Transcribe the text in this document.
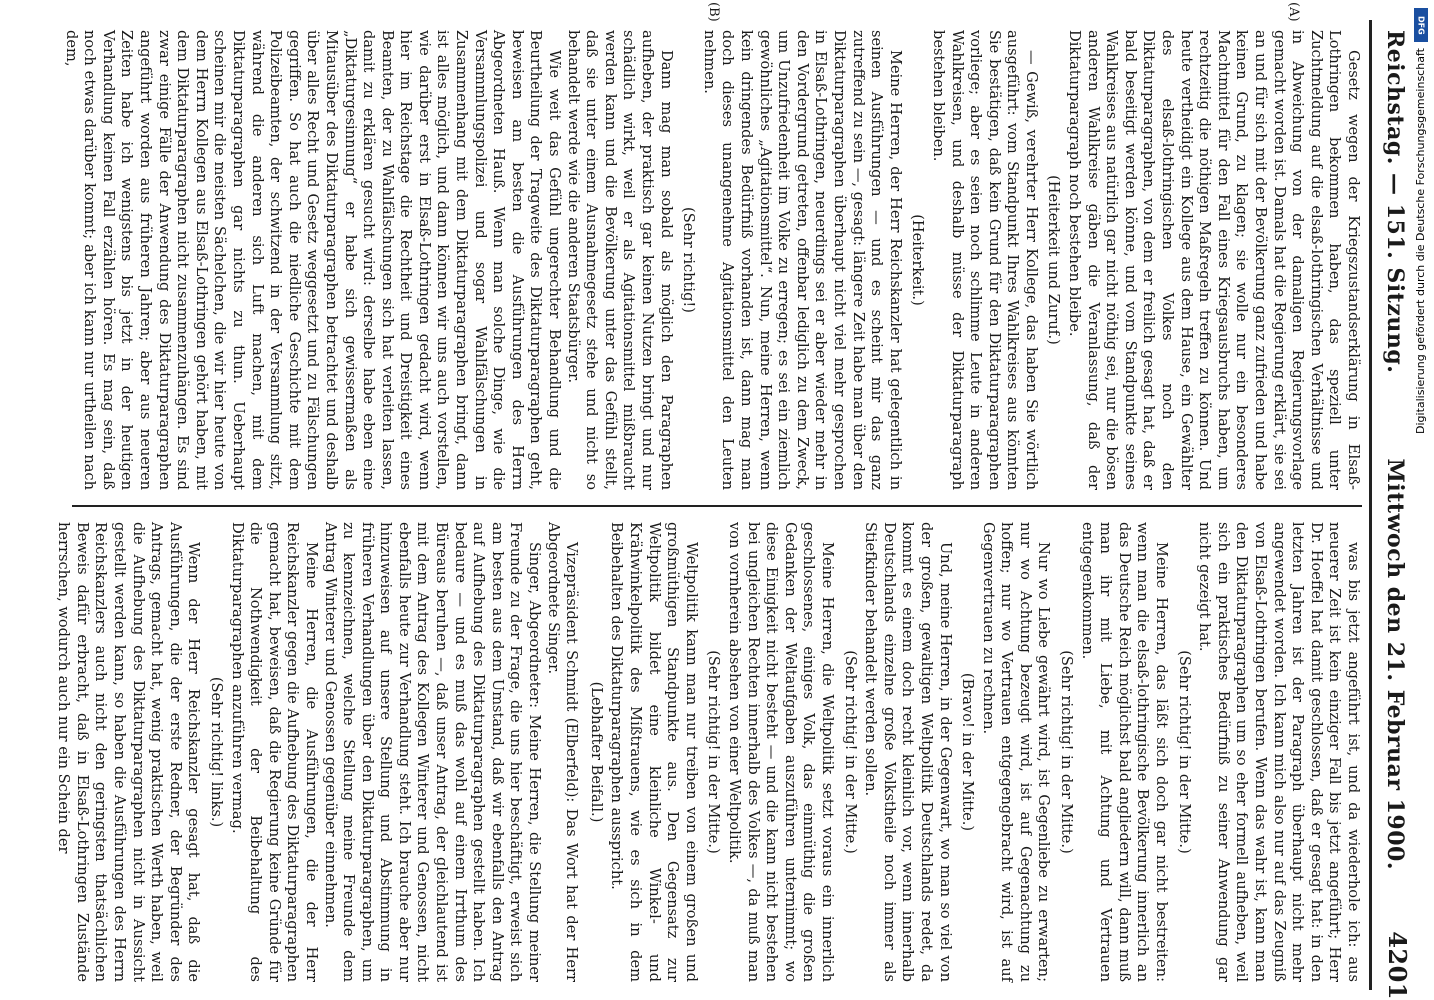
Reichstag. — 151. Sitzung.
Mittwoch den 21. Februar 1900.
4201
(A)
(B)

Gesetz wegen der Kriegszustandserklärung in Elsaß-Lothringen bekommen haben, das speziell unter Zuchtmeldung auf die elsaß-lothringischen Verhältnisse und in Abweichung von der damaligen Regierungsvorlage gemacht worden ist. Damals hat die Regierung erklärt, sie sei an und für sich mit der Bevölkerung ganz zufrieden und habe keinen Grund, zu klagen; sie wolle nur ein besonderes Machtmittel für den Fall eines Kriegsausbruchs haben, um rechtzeitig die nöthigen Maßregeln treffen zu können. Und heute vertheidigt ein Kollege aus dem Hause, ein Gewählter des elsaß-lothringischen Volkes noch den Diktaturparagraphen, von dem er freilich gesagt hat, daß er bald beseitigt werden könne, und vom Standpunkte seines Wahlkreises aus natürlich gar nicht nöthig sei, nur die bösen anderen Wahlkreise gäben die Veranlassung, daß der Diktaturparagraph noch bestehen bleibe.

(Heiterkeit und Zuruf.)

— Gewiß, verehrter Herr Kollege, das haben Sie wörtlich ausgeführt: vom Standpunkt Ihres Wahlkreises aus könnten Sie bestätigen, daß kein Grund für den Diktaturparagraphen vorliege; aber es seien noch schlimme Leute in anderen Wahlkreisen, und deshalb müsse der Diktaturparagraph bestehen bleiben.

(Heiterkeit.)

Meine Herren, der Herr Reichskanzler hat gelegentlich in seinen Ausführungen — und es scheint mir das ganz zutreffend zu sein —, gesagt: längere Zeit habe man über den Diktaturparagraphen überhaupt nicht viel mehr gesprochen in Elsaß-Lothringen, neuerdings sei er aber wieder mehr in den Vordergrund getreten, offenbar lediglich zu dem Zweck, um Unzufriedenheit im Volke zu erregen; es sei ein ziemlich gewöhnliches „Agitationsmittel“. Nun, meine Herren, wenn kein dringendes Bedürfniß vorhanden ist, dann mag man doch dieses unangenehme Agitationsmittel den Leuten nehmen.

(Sehr richtig!)

Dann mag man sobald als möglich den Paragraphen aufheben, der praktisch gar keinen Nutzen bringt und nur schädlich wirkt, weil er als Agitationsmittel mißbraucht werden kann und die Bevölkerung unter das Gefühl stellt, daß sie unter einem Ausnahmegesetz stehe und nicht so behandelt werde wie die anderen Staatsbürger.

Wie weit das Gefühl ungerechter Behandlung und die Beurtheilung der Tragweite des Diktaturparagraphen geht, beweisen am besten die Ausführungen des Herrn Abgeordneten Hauß. Wenn man solche Dinge, wie die Versammlungspolizei und sogar Wahlfälschungen in Zusammenhang mit dem Diktaturparagraphen bringt, dann ist alles möglich, und dann können wir uns auch vorstellen, wie darüber erst in Elsaß-Lothringen gedacht wird, wenn hier im Reichstage die Rechtheit und Dreistigkeit eines Beamten, der zu Wahlfälschungen sich hat verleiten lassen, damit zu erklären gesucht wird: derselbe habe eben eine „Diktaturgesinnung“ er habe sich gewissermaßen als Mitausüber des Diktaturparagraphen betrachtet und deshalb über alles Recht und Gesetz weggesetzt und zu Fälschungen gegriffen. So hat auch die niedliche Geschichte mit dem Polizeibeamten, der schwitzend in der Versammlung sitzt, während die anderen sich Luft machen, mit dem Diktaturparagraphen gar nichts zu thun. Ueberhaupt scheinen mir die meisten Sächelchen, die wir hier heute von dem Herrn Kollegen aus Elsaß-Lothringen gehört haben, mit dem Diktaturparagraphen nicht zusammenzuhängen. Es sind zwar einige Fälle der Anwendung des Diktaturparagraphen angeführt worden aus früheren Jahren; aber aus neueren Zeiten habe ich wenigstens bis jetzt in der heutigen Verhandlung keinen Fall erzählen hören. Es mag sein, daß noch etwas darüber kommt; aber ich kann nur urtheilen nach dem,

was bis jetzt angeführt ist, und da wiederhole ich: aus neuerer Zeit ist kein einziger Fall bis jetzt angeführt; Herr Dr. Hoeffel hat damit geschlossen, daß er gesagt hat: in den letzten Jahren ist der Paragraph überhaupt nicht mehr angewendet worden. Ich kann mich also nur auf das Zeugniß von Elsaß-Lothringen berufen. Wenn das wahr ist, kann man den Diktaturparagraphen um so eher formell aufheben, weil sich ein praktisches Bedürfniß zu seiner Anwendung gar nicht gezeigt hat.

(Sehr richtig! in der Mitte.)

Meine Herren, das läßt sich doch gar nicht bestreiten: wenn man die elsaß-lothringische Bevölkerung innerlich an das Deutsche Reich möglichst bald angliedern will, dann muß man ihr mit Liebe, mit Achtung und Vertrauen entgegenkommen.

(Sehr richtig! in der Mitte.)

Nur wo Liebe gewährt wird, ist Gegenliebe zu erwarten; nur wo Achtung bezeugt wird, ist auf Gegenachtung zu hoffen; nur wo Vertrauen entgegengebracht wird, ist auf Gegenvertrauen zu rechnen.

(Bravo! in der Mitte.)

Und, meine Herren, in der Gegenwart, wo man so viel von der großen, gewaltigen Weltpolitik Deutschlands redet, da kommt es einem doch recht kleinlich vor, wenn innerhalb Deutschlands einzelne große Volkstheile noch immer als Stiefkinder behandelt werden sollen.

(Sehr richtig! in der Mitte.)

Meine Herren, die Weltpolitik setzt voraus ein innerlich geschlossenes, einiges Volk, das einmüthig die großen Gedanken der Weltaufgaben auszuführen unternimmt; wo diese Einigkeit nicht besteht — und die kann nicht bestehen bei ungleichen Rechten innerhalb des Volkes —, da muß man von vornherein absehen von einer Weltpolitik.

(Sehr richtig! in der Mitte.)

Weltpolitik kann man nur treiben von einem großen und großmüthigen Standpunkte aus. Den Gegensatz zur Weltpolitik bildet eine kleinliche Winkel- und Krähwinkelpolitik des Mißtrauens, wie es sich in dem Beibehalten des Diktaturparagraphen ausspricht.

(Lebhafter Beifall.)

Vizepräsident Schmidt (Elberfeld): Das Wort hat der Herr Abgeordnete Singer.

Singer, Abgeordneter: Meine Herren, die Stellung meiner Freunde zu der Frage, die uns hier beschäftigt, erweist sich am besten aus dem Umstand, daß wir ebenfalls den Antrag auf Aufhebung des Diktaturparagraphen gestellt haben. Ich bedaure — und es muß das wohl auf einem Irrthum des Büreaus beruhen —, daß unser Antrag, der gleichlautend ist mit dem Antrag des Kollegen Winterer und Genossen, nicht ebenfalls heute zur Verhandlung steht. Ich brauche aber nur hinzuweisen auf unsere Stellung und Abstimmung in früheren Verhandlungen über den Diktaturparagraphen, um zu kennzeichnen, welche Stellung meine Freunde dem Antrag Winterer und Genossen gegenüber einnehmen.

Meine Herren, die Ausführungen, die der Herr Reichskanzler gegen die Aufhebung des Diktaturparagraphen gemacht hat, beweisen, daß die Regierung keine Gründe für die Nothwendigkeit der Beibehaltung des Diktaturparagraphen anzuführen vermag.

(Sehr richtig! links.)

Wenn der Herr Reichskanzler gesagt hat, daß die Ausführungen, die der erste Redner, der Begründer des Antrags, gemacht hat, wenig praktischen Werth haben, weil die Aufhebung des Diktaturparagraphen nicht in Aussicht gestellt werden kann, so haben die Ausführungen des Herrn Reichskanzlers auch nicht den geringsten thatsächlichen Beweis dafür erbracht, daß in Elsaß-Lothringen Zustände herrschen, wodurch auch nur ein Schein der

DFG
Digitalisierung gefördert durch die Deutsche Forschungsgemeinschaft
